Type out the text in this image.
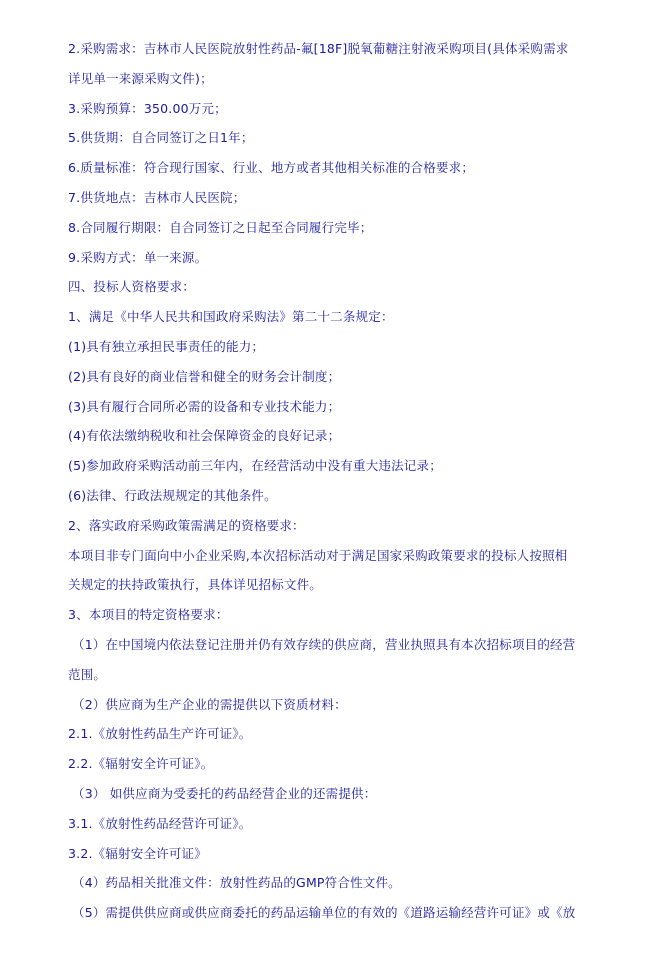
2.采购需求：吉林市人民医院放射性药品-氟[18F]脱氧葡糖注射液采购项目(具体采购需求
详见单一来源采购文件)；
3.采购预算：350.00万元；
5.供货期：自合同签订之日1年；
6.质量标准：符合现行国家、行业、地方或者其他相关标准的合格要求；
7.供货地点：吉林市人民医院；
8.合同履行期限：自合同签订之日起至合同履行完毕；
9.采购方式：单一来源。
四、投标人资格要求：
1、满足《中华人民共和国政府采购法》第二十二条规定：
(1)具有独立承担民事责任的能力；
(2)具有良好的商业信誉和健全的财务会计制度；
(3)具有履行合同所必需的设备和专业技术能力；
(4)有依法缴纳税收和社会保障资金的良好记录；
(5)参加政府采购活动前三年内，在经营活动中没有重大违法记录；
(6)法律、行政法规规定的其他条件。
2、落实政府采购政策需满足的资格要求：
本项目非专门面向中小企业采购,本次招标活动对于满足国家采购政策要求的投标人按照相
关规定的扶持政策执行，具体详见招标文件。
3、本项目的特定资格要求：
（1）在中国境内依法登记注册并仍有效存续的供应商，营业执照具有本次招标项目的经营
范围。
（2）供应商为生产企业的需提供以下资质材料：
2.1.《放射性药品生产许可证》。
2.2.《辐射安全许可证》。
（3） 如供应商为受委托的药品经营企业的还需提供：
3.1.《放射性药品经营许可证》。
3.2.《辐射安全许可证》
（4）药品相关批准文件：放射性药品的GMP符合性文件。
（5）需提供供应商或供应商委托的药品运输单位的有效的《道路运输经营许可证》或《放
